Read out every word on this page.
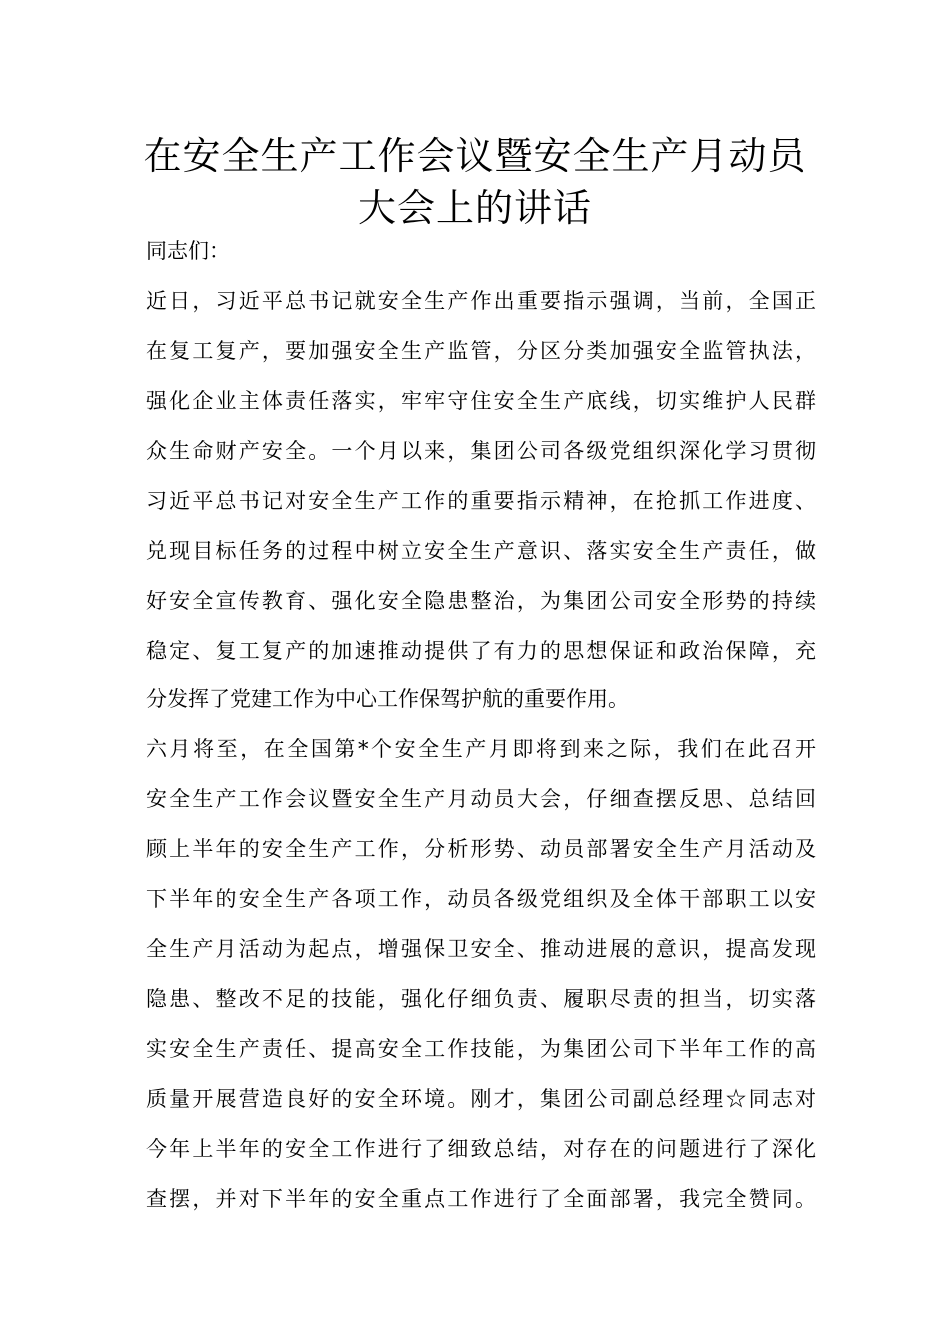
在安全生产工作会议暨安全生产月动员
大会上的讲话

同志们：

近日，习近平总书记就安全生产作出重要指示强调，当前，全国正

在复工复产，要加强安全生产监管，分区分类加强安全监管执法，

强化企业主体责任落实，牢牢守住安全生产底线，切实维护人民群

众生命财产安全。一个月以来，集团公司各级党组织深化学习贯彻

习近平总书记对安全生产工作的重要指示精神，在抢抓工作进度、

兑现目标任务的过程中树立安全生产意识、落实安全生产责任，做

好安全宣传教育、强化安全隐患整治，为集团公司安全形势的持续

稳定、复工复产的加速推动提供了有力的思想保证和政治保障，充

分发挥了党建工作为中心工作保驾护航的重要作用。

六月将至，在全国第*个安全生产月即将到来之际，我们在此召开

安全生产工作会议暨安全生产月动员大会，仔细查摆反思、总结回

顾上半年的安全生产工作，分析形势、动员部署安全生产月活动及

下半年的安全生产各项工作，动员各级党组织及全体干部职工以安

全生产月活动为起点，增强保卫安全、推动进展的意识，提高发现

隐患、整改不足的技能，强化仔细负责、履职尽责的担当，切实落

实安全生产责任、提高安全工作技能，为集团公司下半年工作的高

质量开展营造良好的安全环境。刚才，集团公司副总经理☆同志对

今年上半年的安全工作进行了细致总结，对存在的问题进行了深化

查摆，并对下半年的安全重点工作进行了全面部署，我完全赞同。
